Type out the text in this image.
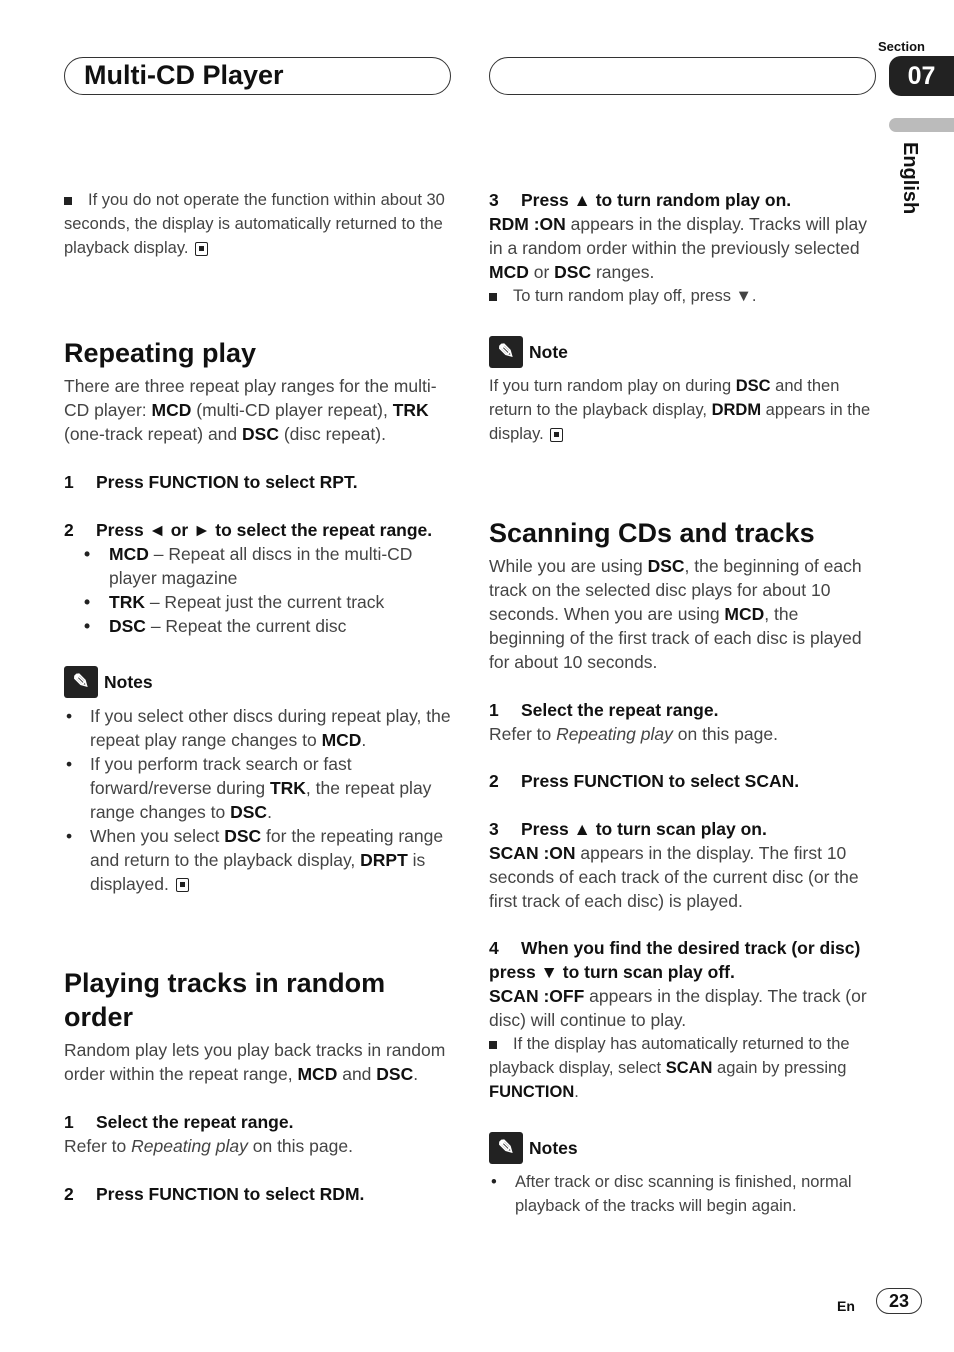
Multi-CD Player
Section
07
English

If you do not operate the function within about 30 seconds, the display is automatically returned to the playback display.

Repeating play

There are three repeat play ranges for the multi-CD player: MCD (multi-CD player repeat), TRK (one-track repeat) and DSC (disc repeat).

1 Press FUNCTION to select RPT.
2 Press ◄ or ► to select the repeat range.
• MCD – Repeat all discs in the multi-CD player magazine
• TRK – Repeat just the current track
• DSC – Repeat the current disc
✎ Notes
• If you select other discs during repeat play, the repeat play range changes to MCD.
• If you perform track search or fast forward/reverse during TRK, the repeat play range changes to DSC.
• When you select DSC for the repeating range and return to the playback display, DRPT is displayed.
Playing tracks in random order

Random play lets you play back tracks in random order within the repeat range, MCD and DSC.

1 Select the repeat range.

Refer to Repeating play on this page.

2 Press FUNCTION to select RDM.
3 Press ▲ to turn random play on.

RDM :ON appears in the display. Tracks will play in a random order within the previously selected MCD or DSC ranges.

To turn random play off, press ▼.

✎ Note

If you turn random play on during DSC and then return to the playback display, DRDM appears in the display.

Scanning CDs and tracks

While you are using DSC, the beginning of each track on the selected disc plays for about 10 seconds. When you are using MCD, the beginning of the first track of each disc is played for about 10 seconds.

1 Select the repeat range.

Refer to Repeating play on this page.

2 Press FUNCTION to select SCAN.
3 Press ▲ to turn scan play on.

SCAN :ON appears in the display. The first 10 seconds of each track of the current disc (or the first track of each disc) is played.

4 When you find the desired track (or disc) press ▼ to turn scan play off.

SCAN :OFF appears in the display. The track (or disc) will continue to play.

If the display has automatically returned to the playback display, select SCAN again by pressing FUNCTION.

✎ Notes
• After track or disc scanning is finished, normal playback of the tracks will begin again.
En	23
